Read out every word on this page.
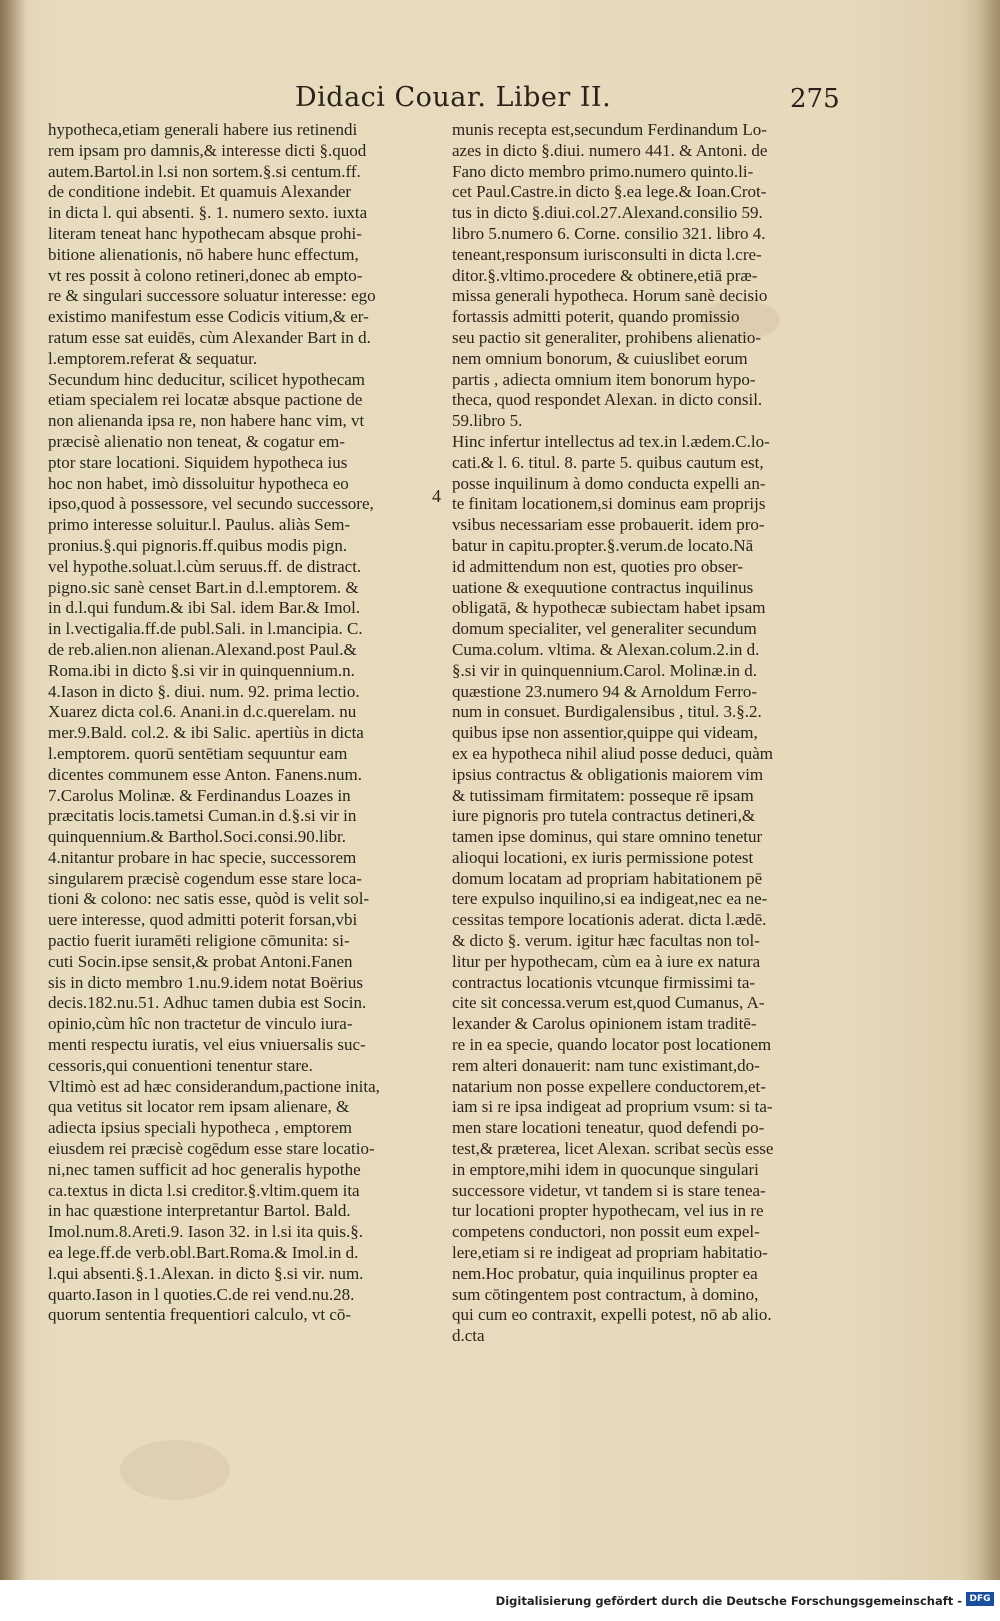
Didaci Couar. Liber II.	275
hypotheca,etiam generali habere ius retinendi
rem ipsam pro damnis,& interesse dicti §.quod
autem.Bartol.in l.si non sortem.§.si centum.ff.
de conditione indebit. Et quamuis Alexander
in dicta l. qui absenti. §. 1. numero sexto. iuxta
literam teneat hanc hypothecam absque prohi-
bitione alienationis, nō habere hunc effectum,
vt res possit à colono retineri,donec ab empto-
re & singulari successore soluatur interesse: ego
existimo manifestum esse Codicis vitium,& er-
ratum esse sat euidēs, cùm Alexander Bart in d.
l.emptorem.referat & sequatur.
Secundum hinc deducitur, scilicet hypothecam
etiam specialem rei locatæ absque pactione de
non alienanda ipsa re, non habere hanc vim, vt
præcisè alienatio non teneat, & cogatur em-
ptor stare locationi. Siquidem hypotheca ius
hoc non habet, imò dissoluitur hypotheca eo
ipso,quod à possessore, vel secundo successore,
primo interesse soluitur.l. Paulus. aliàs Sem-
pronius.§.qui pignoris.ff.quibus modis pign.
vel hypothe.soluat.l.cùm seruus.ff. de distract.
pigno.sic sanè censet Bart.in d.l.emptorem. &
in d.l.qui fundum.& ibi Sal. idem Bar.& Imol.
in l.vectigalia.ff.de publ.Sali. in l.mancipia. C.
de reb.alien.non alienan.Alexand.post Paul.&
Roma.ibi in dicto §.si vir in quinquennium.n.
4.Iason in dicto §. diui. num. 92. prima lectio.
Xuarez dicta col.6. Anani.in d.c.querelam. nu
mer.9.Bald. col.2. & ibi Salic. apertiùs in dicta
l.emptorem. quorū sentētiam sequuntur eam
dicentes communem esse Anton. Fanens.num.
7.Carolus Molinæ. & Ferdinandus Loazes in
præcitatis locis.tametsi Cuman.in d.§.si vir in
quinquennium.& Barthol.Soci.consi.90.libr.
4.nitantur probare in hac specie, successorem
singularem præcisè cogendum esse stare loca-
tioni & colono: nec satis esse, quòd is velit sol-
uere interesse, quod admitti poterit forsan,vbi
pactio fuerit iuramēti religione cōmunita: si-
cuti Socin.ipse sensit,& probat Antoni.Fanen
sis in dicto membro 1.nu.9.idem notat Boërius
decis.182.nu.51. Adhuc tamen dubia est Socin.
opinio,cùm hîc non tractetur de vinculo iura-
menti respectu iuratis, vel eius vniuersalis suc-
cessoris,qui conuentioni tenentur stare.
Vltimò est ad hæc considerandum,pactione inita,
qua vetitus sit locator rem ipsam alienare, &
adiecta ipsius speciali hypotheca , emptorem
eiusdem rei præcisè cogēdum esse stare locatio-
ni,nec tamen sufficit ad hoc generalis hypothe
ca.textus in dicta l.si creditor.§.vltim.quem ita
in hac quæstione interpretantur Bartol. Bald.
Imol.num.8.Areti.9. Iason 32. in l.si ita quis.§.
ea lege.ff.de verb.obl.Bart.Roma.& Imol.in d.
l.qui absenti.§.1.Alexan. in dicto §.si vir. num.
quarto.Iason in l quoties.C.de rei vend.nu.28.
quorum sententia frequentiori calculo, vt cō-
munis recepta est,secundum Ferdinandum Lo-
azes in dicto §.diui. numero 441. & Antoni. de
Fano dicto membro primo.numero quinto.li-
cet Paul.Castre.in dicto §.ea lege.& Ioan.Crot-
tus in dicto §.diui.col.27.Alexand.consilio 59.
libro 5.numero 6. Corne. consilio 321. libro 4.
teneant,responsum iurisconsulti in dicta l.cre-
ditor.§.vltimo.procedere & obtinere,etiā præ-
missa generali hypotheca. Horum sanè decisio
fortassis admitti poterit, quando promissio
seu pactio sit generaliter, prohibens alienatio-
nem omnium bonorum, & cuiuslibet eorum
partis , adiecta omnium item bonorum hypo-
theca, quod respondet Alexan. in dicto consil.
59.libro 5.
Hinc infertur intellectus ad tex.in l.ædem.C.lo-
cati.& l. 6. titul. 8. parte 5. quibus cautum est,
posse inquilinum à domo conducta expelli an-
te finitam locationem,si dominus eam proprijs
vsibus necessariam esse probauerit. idem pro-
batur in capitu.propter.§.verum.de locato.Nā
id admittendum non est, quoties pro obser-
uatione & exequutione contractus inquilinus
obligatā, & hypothecæ subiectam habet ipsam
domum specialiter, vel generaliter secundum
Cuma.colum. vltima. & Alexan.colum.2.in d.
§.si vir in quinquennium.Carol. Molinæ.in d.
quæstione 23.numero 94 & Arnoldum Ferro-
num in consuet. Burdigalensibus , titul. 3.§.2.
quibus ipse non assentior,quippe qui videam,
ex ea hypotheca nihil aliud posse deduci, quàm
ipsius contractus & obligationis maiorem vim
& tutissimam firmitatem: posseque rē ipsam
iure pignoris pro tutela contractus detineri,&
tamen ipse dominus, qui stare omnino tenetur
alioqui locationi, ex iuris permissione potest
domum locatam ad propriam habitationem pē
tere expulso inquilino,si ea indigeat,nec ea ne-
cessitas tempore locationis aderat. dicta l.ædē.
& dicto §. verum. igitur hæc facultas non tol-
litur per hypothecam, cùm ea à iure ex natura
contractus locationis vtcunque firmissimi ta-
cite sit concessa.verum est,quod Cumanus, A-
lexander & Carolus opinionem istam traditē-
re in ea specie, quando locator post locationem
rem alteri donauerit: nam tunc existimant,do-
natarium non posse expellere conductorem,et-
iam si re ipsa indigeat ad proprium vsum: si ta-
men stare locationi teneatur, quod defendi po-
test,& præterea, licet Alexan. scribat secùs esse
in emptore,mihi idem in quocunque singulari
successore videtur, vt tandem si is stare tenea-
tur locationi propter hypothecam, vel ius in re
competens conductori, non possit eum expel-
lere,etiam si re indigeat ad propriam habitatio-
nem.Hoc probatur, quia inquilinus propter ea
sum cōtingentem post contractum, à domino,
qui cum eo contraxit, expelli potest, nō ab alio.
d.cta
4
Digitalisierung gefördert durch die Deutsche Forschungsgemeinschaft - DFG
